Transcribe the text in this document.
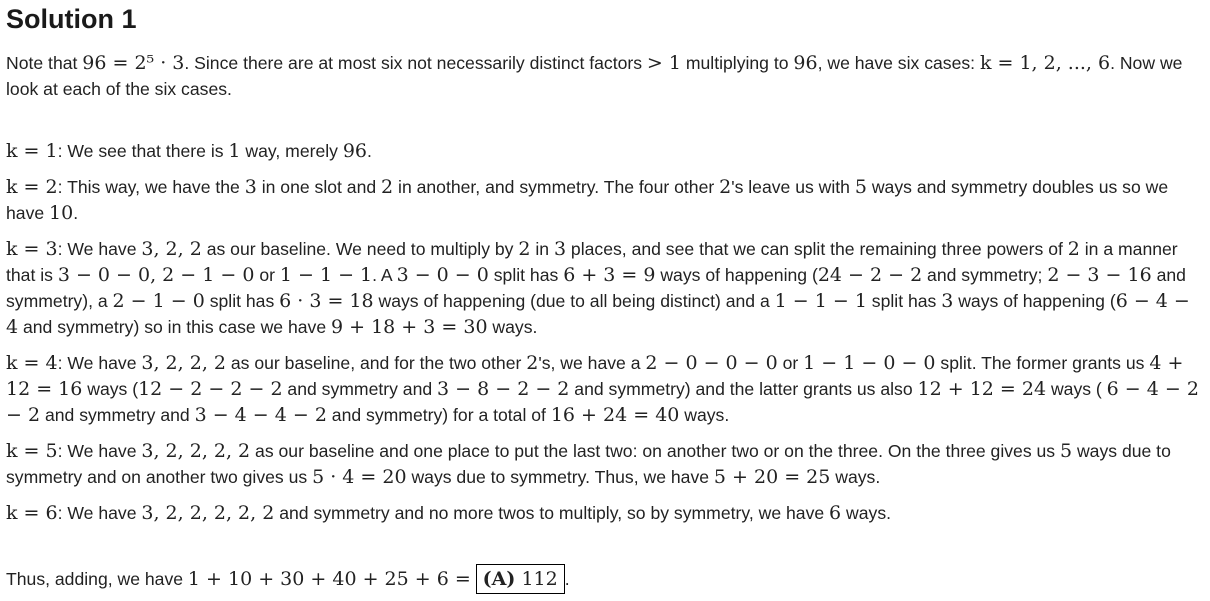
Solution 1

Note that 96 = 2⁵ · 3. Since there are at most six not necessarily distinct factors > 1 multiplying to 96, we have six cases: k = 1, 2, ..., 6. Now we look at each of the six cases.

k = 1: We see that there is 1 way, merely 96.

k = 2: This way, we have the 3 in one slot and 2 in another, and symmetry. The four other 2's leave us with 5 ways and symmetry doubles us so we have 10.

k = 3: We have 3, 2, 2 as our baseline. We need to multiply by 2 in 3 places, and see that we can split the remaining three powers of 2 in a manner that is 3 − 0 − 0, 2 − 1 − 0 or 1 − 1 − 1. A 3 − 0 − 0 split has 6 + 3 = 9 ways of happening (24 − 2 − 2 and symmetry; 2 − 3 − 16 and symmetry), a 2 − 1 − 0 split has 6 · 3 = 18 ways of happening (due to all being distinct) and a 1 − 1 − 1 split has 3 ways of happening (6 − 4 − 4 and symmetry) so in this case we have 9 + 18 + 3 = 30 ways.

k = 4: We have 3, 2, 2, 2 as our baseline, and for the two other 2's, we have a 2 − 0 − 0 − 0 or 1 − 1 − 0 − 0 split. The former grants us 4 + 12 = 16 ways (12 − 2 − 2 − 2 and symmetry and 3 − 8 − 2 − 2 and symmetry) and the latter grants us also 12 + 12 = 24 ways ( 6 − 4 − 2 − 2 and symmetry and 3 − 4 − 4 − 2 and symmetry) for a total of 16 + 24 = 40 ways.

k = 5: We have 3, 2, 2, 2, 2 as our baseline and one place to put the last two: on another two or on the three. On the three gives us 5 ways due to symmetry and on another two gives us 5 · 4 = 20 ways due to symmetry. Thus, we have 5 + 20 = 25 ways.

k = 6: We have 3, 2, 2, 2, 2, 2 and symmetry and no more twos to multiply, so by symmetry, we have 6 ways.

Thus, adding, we have 1 + 10 + 30 + 40 + 25 + 6 = (A) 112 .
